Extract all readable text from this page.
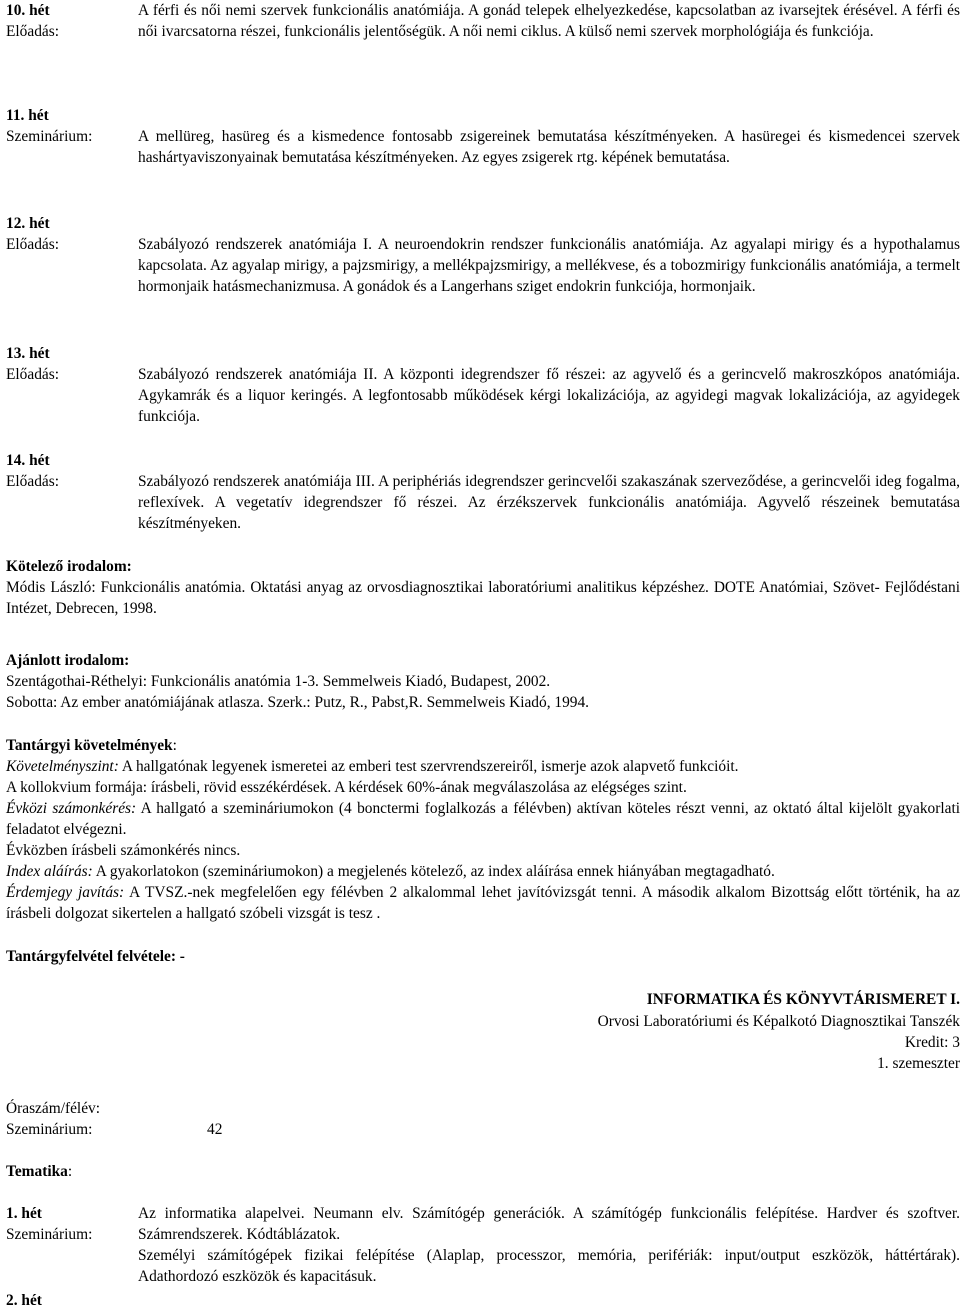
10. hét
Előadás:
A férfi és női nemi szervek funkcionális anatómiája. A gonád telepek elhelyezkedése, kapcsolatban az ivarsejtek érésével. A férfi és női ivarcsatorna részei, funkcionális jelentőségük. A női nemi ciklus. A külső nemi szervek morphológiája és funkciója.
11. hét
Szeminárium:	A mellüreg, hasüreg és a kismedence fontosabb zsigereinek bemutatása készítményeken. A hasüregei és kismedencei szervek hashártyaviszonyainak bemutatása készítményeken. Az egyes zsigerek rtg. képének bemutatása.
12. hét
Előadás:	Szabályozó rendszerek anatómiája I. A neuroendokrin rendszer funkcionális anatómiája. Az agyalapi mirigy és a hypothalamus kapcsolata. Az agyalap mirigy, a pajzsmirigy, a mellékpajzsmirigy, a mellékvese, és a tobozmirigy funkcionális anatómiája, a termelt hormonjaik hatásmechanizmusa. A gonádok és a Langerhans sziget endokrin funkciója, hormonjaik.
13. hét
Előadás:	Szabályozó rendszerek anatómiája II. A központi idegrendszer fő részei: az agyvelő és a gerincvelő makroszkópos anatómiája. Agykamrák és a liquor keringés. A legfontosabb működések kérgi lokalizációja, az agyidegi magvak lokalizációja, az agyidegek funkciója.
14. hét
Előadás:	Szabályozó rendszerek anatómiája III. A periphériás idegrendszer gerincvelői szakaszának szerveződése, a gerincvelői ideg fogalma, reflexívek. A vegetatív idegrendszer fő részei. Az érzékszervek funkcionális anatómiája. Agyvelő részeinek bemutatása készítményeken.
Kötelező irodalom:
Módis László: Funkcionális anatómia. Oktatási anyag az orvosdiagnosztikai laboratóriumi analitikus képzéshez. DOTE Anatómiai, Szövet- Fejlődéstani Intézet, Debrecen, 1998.
Ajánlott irodalom:
Szentágothai-Réthelyi: Funkcionális anatómia 1-3. Semmelweis Kiadó, Budapest, 2002.
Sobotta: Az ember anatómiájának atlasza. Szerk.: Putz, R., Pabst,R. Semmelweis Kiadó, 1994.
Tantárgyi követelmények:
Követelményszint: A hallgatónak legyenek ismeretei az emberi test szervrendszereiről, ismerje azok alapvető funkcióit.
A kollokvium formája: írásbeli, rövid esszékérdések. A kérdések 60%-ának megválaszolása az elégséges szint.
Évközi számonkérés: A hallgató a szemináriumokon (4 bonctermi foglalkozás a félévben) aktívan köteles részt venni, az oktató által kijelölt gyakorlati feladatot elvégezni.
Évközben írásbeli számonkérés nincs.
Index aláírás: A gyakorlatokon (szemináriumokon) a megjelenés kötelező, az index aláírása ennek hiányában megtagadható.
Érdemjegy javítás: A TVSZ.-nek megfelelően egy félévben 2 alkalommal lehet javítóvizsgát tenni. A második alkalom Bizottság előtt történik, ha az írásbeli dolgozat sikertelen a hallgató szóbeli vizsgát is tesz .
Tantárgyfelvétel felvétele: -
INFORMATIKA ÉS KÖNYVTÁRISMERET I.
Orvosi Laboratóriumi és Képalkotó Diagnosztikai Tanszék
Kredit: 3
1. szemeszter
Óraszám/félév:
Szeminárium:	42
Tematika:
1. hét
Szeminárium:
Az informatika alapelvei. Neumann elv. Számítógép generációk. A számítógép funkcionális felépítése. Hardver és szoftver. Számrendszerek. Kódtáblázatok.
Személyi számítógépek fizikai felépítése (Alaplap, processzor, memória, perifériák: input/output eszközök, háttértárak). Adathordozó eszközök és kapacitásuk.
2. hét
